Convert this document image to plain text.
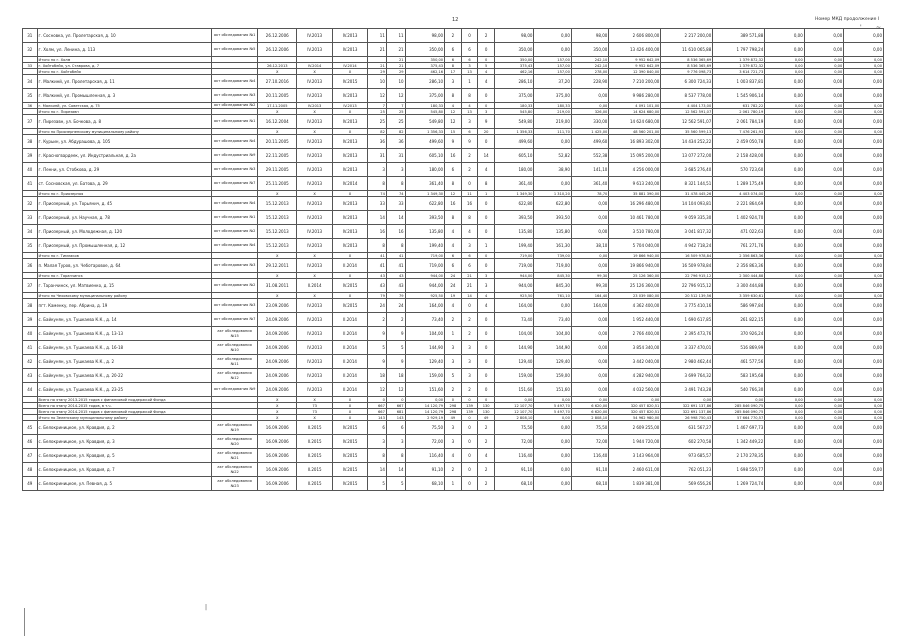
12	Номер МКД продолжение I
' ~
|
31	г. Сосновка, ул. Пролетарская, д. 10	акт обследования №1	26.12.2006	IV.2013	IV.2013	11	11	98,00	2	0	2	98,00	0,00	98,00	2 606 800,00	2 217 200,00	389 571,88	0,00	0,00	0,00
32	г. Холм, ул. Ленина, д. 113	акт обследования №5	26.12.2006	IV.2013	IV.2013	21	21	350,00	6	6	0	350,00	0,00	350,00	13 426 400,00	11 610 065,88	1 797 798,24	0,00	0,00	0,00
	Итого по г. Холм						21	350,00	6	6	0	350,00	157,00	242,10	9 952 642,09	8 536 365,69	1 379 872,32	0,00	0,00	0,00
33	г. Хойтобейя, ул. Ставрова, д. 7		26.12.2013	IV.2014	IV.2014	21	21	375,43	8	3	5	375,43	157,00	242,10	9 952 642,09	8 536 365,69	1 379 872,32	0,00	0,00	0,00
	Итого по г. Хойтобейя		X	X	X	29	29	462,16	17	13	4	462,16	157,00	278,00	12 390 840,00	9 776 098,73	3 614 721,73	0,00	0,00	0,00
34	г. Малкинй, ул. Пролетарская, д. 11	акт обследования №4	27.10.2016	IV.2013	IV.2015	10	10	286,10	3	1	4	286,10	37,20	228,90	7 210 200,00	6 300 724,33	1 003 837,81	0,00	0,00	0,00
35	г. Малкинй, ул. Промышленная, д. 3	акт обследования №3	20.11.2005	IV.2013	IV.2013	12	12	375,00	8	8	0	375,00	375,00	0,00	9 986 280,00	8 537 778,00	1 545 906,14	0,00	0,00	0,00
36	г. Малкинй, ул. Советская, д. 75	акт обследования №2	17.11.2005	IV.2013	IV.2013	7	7	180,33	4	4	0	180,33	180,33	0,00	4 091 101,00	4 404 173,00	631 782,22	0,00	0,00	0,00
	Итого по г. Пирезавн		X	X	X	25	25	545,80	12	13	3	545,80	219,00	326,00	14 624 680,00	12 562 591,07	2 061 780,19	0,00	0,00	0,00
37	г. Пирезавн, ул. Бочкова, д. 8	акт обследования №1	16.12.2004	IV.2013	IV.2013	25	25	549,80	12	3	9	549,80	219,00	330,00	14 624 680,00	12 562 591,07	2 061 784,19	0,00	0,00	0,00
	Итого по Приозерненскому муниципальному району		X	X	X	82	82	1 356,33	15	6	20	1 356,33	111,70	1 425,00	48 560 201,00	35 560 599,13	7 476 261,93	0,00	0,00	0,00
38	г. Курьин, ул. Абдурашова, д. 105	акт обследования №4	20.11.2005	IV.2013	IV.2013	36	36	499,60	9	9	0	499,60	0,00	499,60	16 893 302,00	14 434 252,22	2 459 050,78	0,00	0,00	0,00
39	г. Красногвардеек, ул. Индустриальная, д. 2а	акт обследования №9	22.11.2005	IV.2013	IV.2013	31	31	605,10	16	2	14	605,10	52,82	552,38	15 095 200,00	13 077 272,00	2 158 428,00	0,00	0,00	0,00
40	г. Пенни, ул. Стобкова, д. 29	акт обследования №3	29.11.2005	IV.2013	IV.2013	3	3	180,00	6	2	4	180,00	38,90	141,10	4 256 000,00	3 685 276,40	570 723,60	0,00	0,00	0,00
41	ст. Сосновская, ул. Батова, д. 29	акт обследования №7	25.11.2005	IV.2013	IV.2014	8	8	361,40	8	0	8	361,40	0,00	361,40	9 613 240,00	8 321 144,51	1 289 175,49	0,00	0,00	0,00
	Итого по г. Приозерная		X	X	X	74	74	1 349,30	12	11	1	1 349,30	1 310,20	78,70	35 881 390,00	31 478 445,26	4 403 074,00	0,00	0,00	0,00
32	г. Приозерный, ул. Торьянич, д. 45	акт обследования №4	15.12.2013	IV.2013	IV.2013	33	33	622,80	16	16	0	622,80	622,80	0,00	16 296 480,00	14 104 093,81	2 221 864,69	0,00	0,00	0,00
33	г. Приозерный, ул. Научная, д. 78	акт обследования №1	15.12.2013	IV.2013	IV.2013	14	14	393,50	8	8	0	393,50	393,50	0,00	10 461 780,00	9 059 335,30	1 402 924,70	0,00	0,00	0,00
34	г. Приозерный, ул. Молодежная, д. 120	акт обследования №2	15.12.2013	IV.2013	IV.2013	16	16	135,80	4	4	0	135,80	135,80	0,00	3 510 780,00	3 041 817,32	471 022,63	0,00	0,00	0,00
35	г. Приозерный, ул. Промышленная, д. 12	акт обследования №4	15.12.2013	IV.2013	IV.2013	8	8	199,40	4	3	1	199,40	161,30	38,10	5 704 040,00	4 942 718,24	761 271,76	0,00	0,00	0,00
	Итого по г. Тимлаков		X	X	X	41	41	719,00	6	6	0	719,00	739,00	0,00	19 866 940,00	16 509 978,84	2 356 863,36	0,00	0,00	0,00
36	п. Малая Туров, ул. Чеботаровое, д. 64	акт обследования №3	29.12.2011	IV.2013	II.2014	41	41	719,00	6	6	0	719,00	719,00	0,00	19 866 940,00	16 509 978,84	2 356 863,36	0,00	0,00	0,00
	Итого по г. Таранчинск		X	X	X	43	43	944,00	24	21	3	944,00	845,30	99,30	25 126 360,00	22 796 915,12	2 300 444,88	0,00	0,00	0,00
37	г. Таранчинск, ул. Матвиенко, д. 15	акт обследования №2	31.08.2011	II.2014	IV.2015	43	43	944,00	24	21	3	944,00	845,30	99,30	25 126 360,00	22 796 915,12	3 300 444,88	0,00	0,00	0,00
	Итого по Чеховскому муниципальному району		X	X	X	79	79	925,50	19	14	4	925,50	761,10	164,40	23 039 080,00	20 512 139,56	3 359 630,61	0,00	0,00	0,00
38	пгт. Каменку, пер. Абрина, д. 19	акт обследования №3	23.09.2006	IV.2013	IV.2015	24	24	164,00	4	0	4	164,00	0,00	164,00	4 362 400,00	3 775 410,16	586 997,84	0,00	0,00	0,00
39	с. Байкунян, ул. Тушкаева К.К., д. 14	акт обследования №7	24.09.2006	IV.2013	II.2014	2	2	73,40	2	2	0	73,40	73,40	0,00	1 952 440,00	1 690 617,85	261 822,15	0,00	0,00	0,00
40	с. Байкунян, ул. Тушкаева К.К., д. 13-13	акт обследования №15	24.09.2006	IV.2013	II.2014	9	9	104,00	1	2	0	104,00	104,00	0,00	2 766 400,00	2 395 473,76	370 926,24	0,00	0,00	0,00
41	с. Байкунян, ул. Тушкаева К.К., д. 16-18	акт обследования №10	24.09.2006	IV.2013	II.2014	5	5	144,90	3	3	0	144,90	144,90	0,00	3 854 340,00	3 337 470,01	516 869,99	0,00	0,00	0,00
42	с. Байкунян, ул. Тушкаева К.К., д. 2	акт обследования №11	24.09.2006	IV.2013	II.2014	9	9	129,40	3	3	0	129,40	129,40	0,00	3 442 040,00	2 980 462,44	461 577,56	0,00	0,00	0,00
43	с. Байкунян, ул. Тушкаева К.К., д. 20-22	акт обследования №12	24.09.2006	IV.2013	II.2014	18	18	159,00	5	3	0	159,00	159,00	0,00	4 282 940,00	3 699 764,32	583 195,68	0,00	0,00	0,00
44	с. Байкунян, ул. Тушкаева К.К., д. 23-25	акт обследования №9	24.09.2006	IV.2013	II.2014	12	12	151,60	2	2	0	151,60	151,60	0,00	4 032 560,00	3 491 743,28	540 766,30	0,00	0,00	0,00
	Всего по этапу 2013-2015 годов с финансовой поддержкой Фонда		X	X	X	0	0	0,00	0	0	0	0,00	0,00	0,00	0,00	0,00	0,00	0,00	0,00	0,00
	Всего по этапу 2014-2015 годов, в т.ч.		X	73	X	667	667	14 120,79	298	139	130	12 107,70	5 497,70	6 620,00	320 457 820,51	322 691 137,86	285 846 090,75	0,00	0,00	0,00
	Всего по этапу 2014-2015 годов с финансовой поддержкой Фонда		X	73	X	667	681	14 120,79	298	139	130	12 107,70	5 497,70	6 620,00	320 457 820,51	322 691 137,86	285 846 090,75	0,00	0,00	0,00
	Итого по Зеленскому муниципальному району		X	X	X	143	143	2 929,19	49	0	49	2 808,10	0,00	2 808,10	54 962 980,00	26 998 750,43	57 664 770,57	0,00	0,00	0,00
45	с. Белокриницкое, ул. Кравдия, д. 2	акт обследования №19	16.09.2006	II.2015	IV.2015	6	6	75,50	3	0	2	75,50	0,00	75,50	2 609 255,00	631 567,27	1 467 697,73	0,00	0,00	0,00
46	с. Белокриницкое, ул. Кравдия, д. 3	акт обследования №20	16.09.2006	II.2015	IV.2015	3	3	72,00	3	0	2	72,00	0,00	72,00	1 944 720,00	602 270,58	1 342 449,22	0,00	0,00	0,00
47	с. Белокриницкое, ул. Кравдия, д. 5	акт обследования №21	16.09.2006	II.2015	IV.2015	8	8	116,40	4	0	4	116,40	0,00	116,40	3 143 964,00	973 685,57	2 170 278,35	0,00	0,00	0,00
48	с. Белокриницкое, ул. Кравдия, д. 7	акт обследования №22	16.09.2006	II.2015	IV.2015	14	14	91,10	2	0	2	91,10	0,00	91,10	2 460 611,00	762 051,23	1 698 559,77	0,00	0,00	0,00
49	с. Белокриницкое, ул. Певная, д. 5	акт обследования №23	16.09.2006	II.2015	IV.2015	5	5	68,10	1	0	2	68,10	0,00	68,10	1 839 381,00	569 656,26	1 269 724,74	0,00	0,00	0,00
